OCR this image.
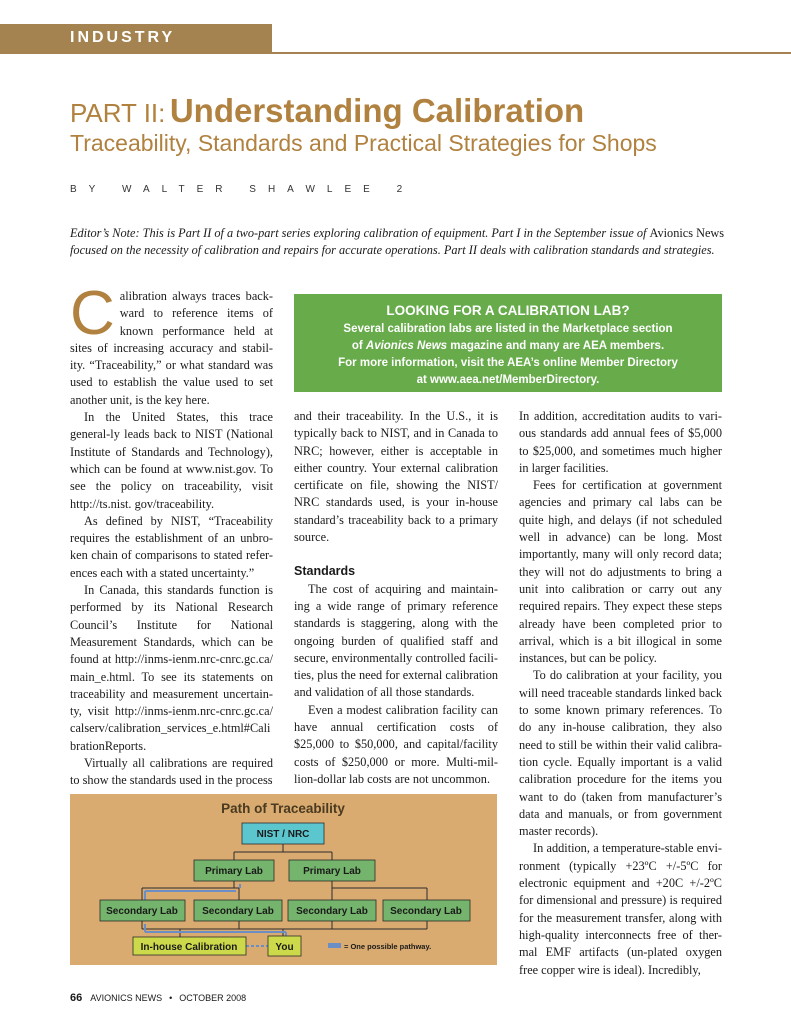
INDUSTRY
PART II: Understanding Calibration
Traceability, Standards and Practical Strategies for Shops
BY WALTER SHAWLEE 2
Editor’s Note: This is Part II of a two-part series exploring calibration of equipment. Part I in the September issue of Avionics News focused on the necessity of calibration and repairs for accurate operations. Part II deals with calibration standards and strategies.

Calibration always traces back-ward to reference items of known performance held at sites of increasing accuracy and stabil-ity. “Traceability,” or what standard was used to establish the value used to set another unit, is the key here.

In the United States, this trace general-ly leads back to NIST (National Institute of Standards and Technology), which can be found at www.nist.gov. To see the policy on traceability, visit http://ts.nist. gov/traceability.

As defined by NIST, “Traceability requires the establishment of an unbro-ken chain of comparisons to stated refer-ences each with a stated uncertainty.”

In Canada, this standards function is performed by its National Research Council’s Institute for National Measurement Standards, which can be found at http://inms-ienm.nrc-cnrc.gc.ca/ main_e.html. To see its statements on traceability and measurement uncertain-ty, visit http://inms-ienm.nrc-cnrc.gc.ca/ calserv/calibration_services_e.html#Cali brationReports.

Virtually all calibrations are required to show the standards used in the process

LOOKING FOR A CALIBRATION LAB?
Several calibration labs are listed in the Marketplace section
of Avionics News magazine and many are AEA members.
For more information, visit the AEA’s online Member Directory
at www.aea.net/MemberDirectory.

and their traceability. In the U.S., it is typically back to NIST, and in Canada to NRC; however, either is acceptable in either country. Your external calibration certificate on file, showing the NIST/ NRC standards used, is your in-house standard’s traceability back to a primary source.

Standards

The cost of acquiring and maintain-ing a wide range of primary reference standards is staggering, along with the ongoing burden of qualified staff and secure, environmentally controlled facili-ties, plus the need for external calibration and validation of all those standards.

Even a modest calibration facility can have annual certification costs of $25,000 to $50,000, and capital/facility costs of $250,000 or more. Multi-mil-lion-dollar lab costs are not uncommon.

In addition, accreditation audits to vari-ous standards add annual fees of $5,000 to $25,000, and sometimes much higher in larger facilities.

Fees for certification at government agencies and primary cal labs can be quite high, and delays (if not scheduled well in advance) can be long. Most importantly, many will only record data; they will not do adjustments to bring a unit into calibration or carry out any required repairs. They expect these steps already have been completed prior to arrival, which is a bit illogical in some instances, but can be policy.

To do calibration at your facility, you will need traceable standards linked back to some known primary references. To do any in-house calibration, they also need to still be within their valid calibra-tion cycle. Equally important is a valid calibration procedure for the items you want to do (taken from manufacturer’s data and manuals, or from government master records).

In addition, a temperature-stable envi-ronment (typically +23ºC +/-5ºC for electronic equipment and +20C +/-2ºC for dimensional and pressure) is required for the measurement transfer, along with high-quality interconnects free of ther-mal EMF artifacts (un-plated oxygen free copper wire is ideal). Incredibly,

Path of Traceability
NIST / NRC
Primary Lab	Primary Lab
Secondary Lab Secondary Lab Secondary Lab Secondary Lab
In-house Calibration	You	= One possible pathway.
66 AVIONICS NEWS • OCTOBER 2008
